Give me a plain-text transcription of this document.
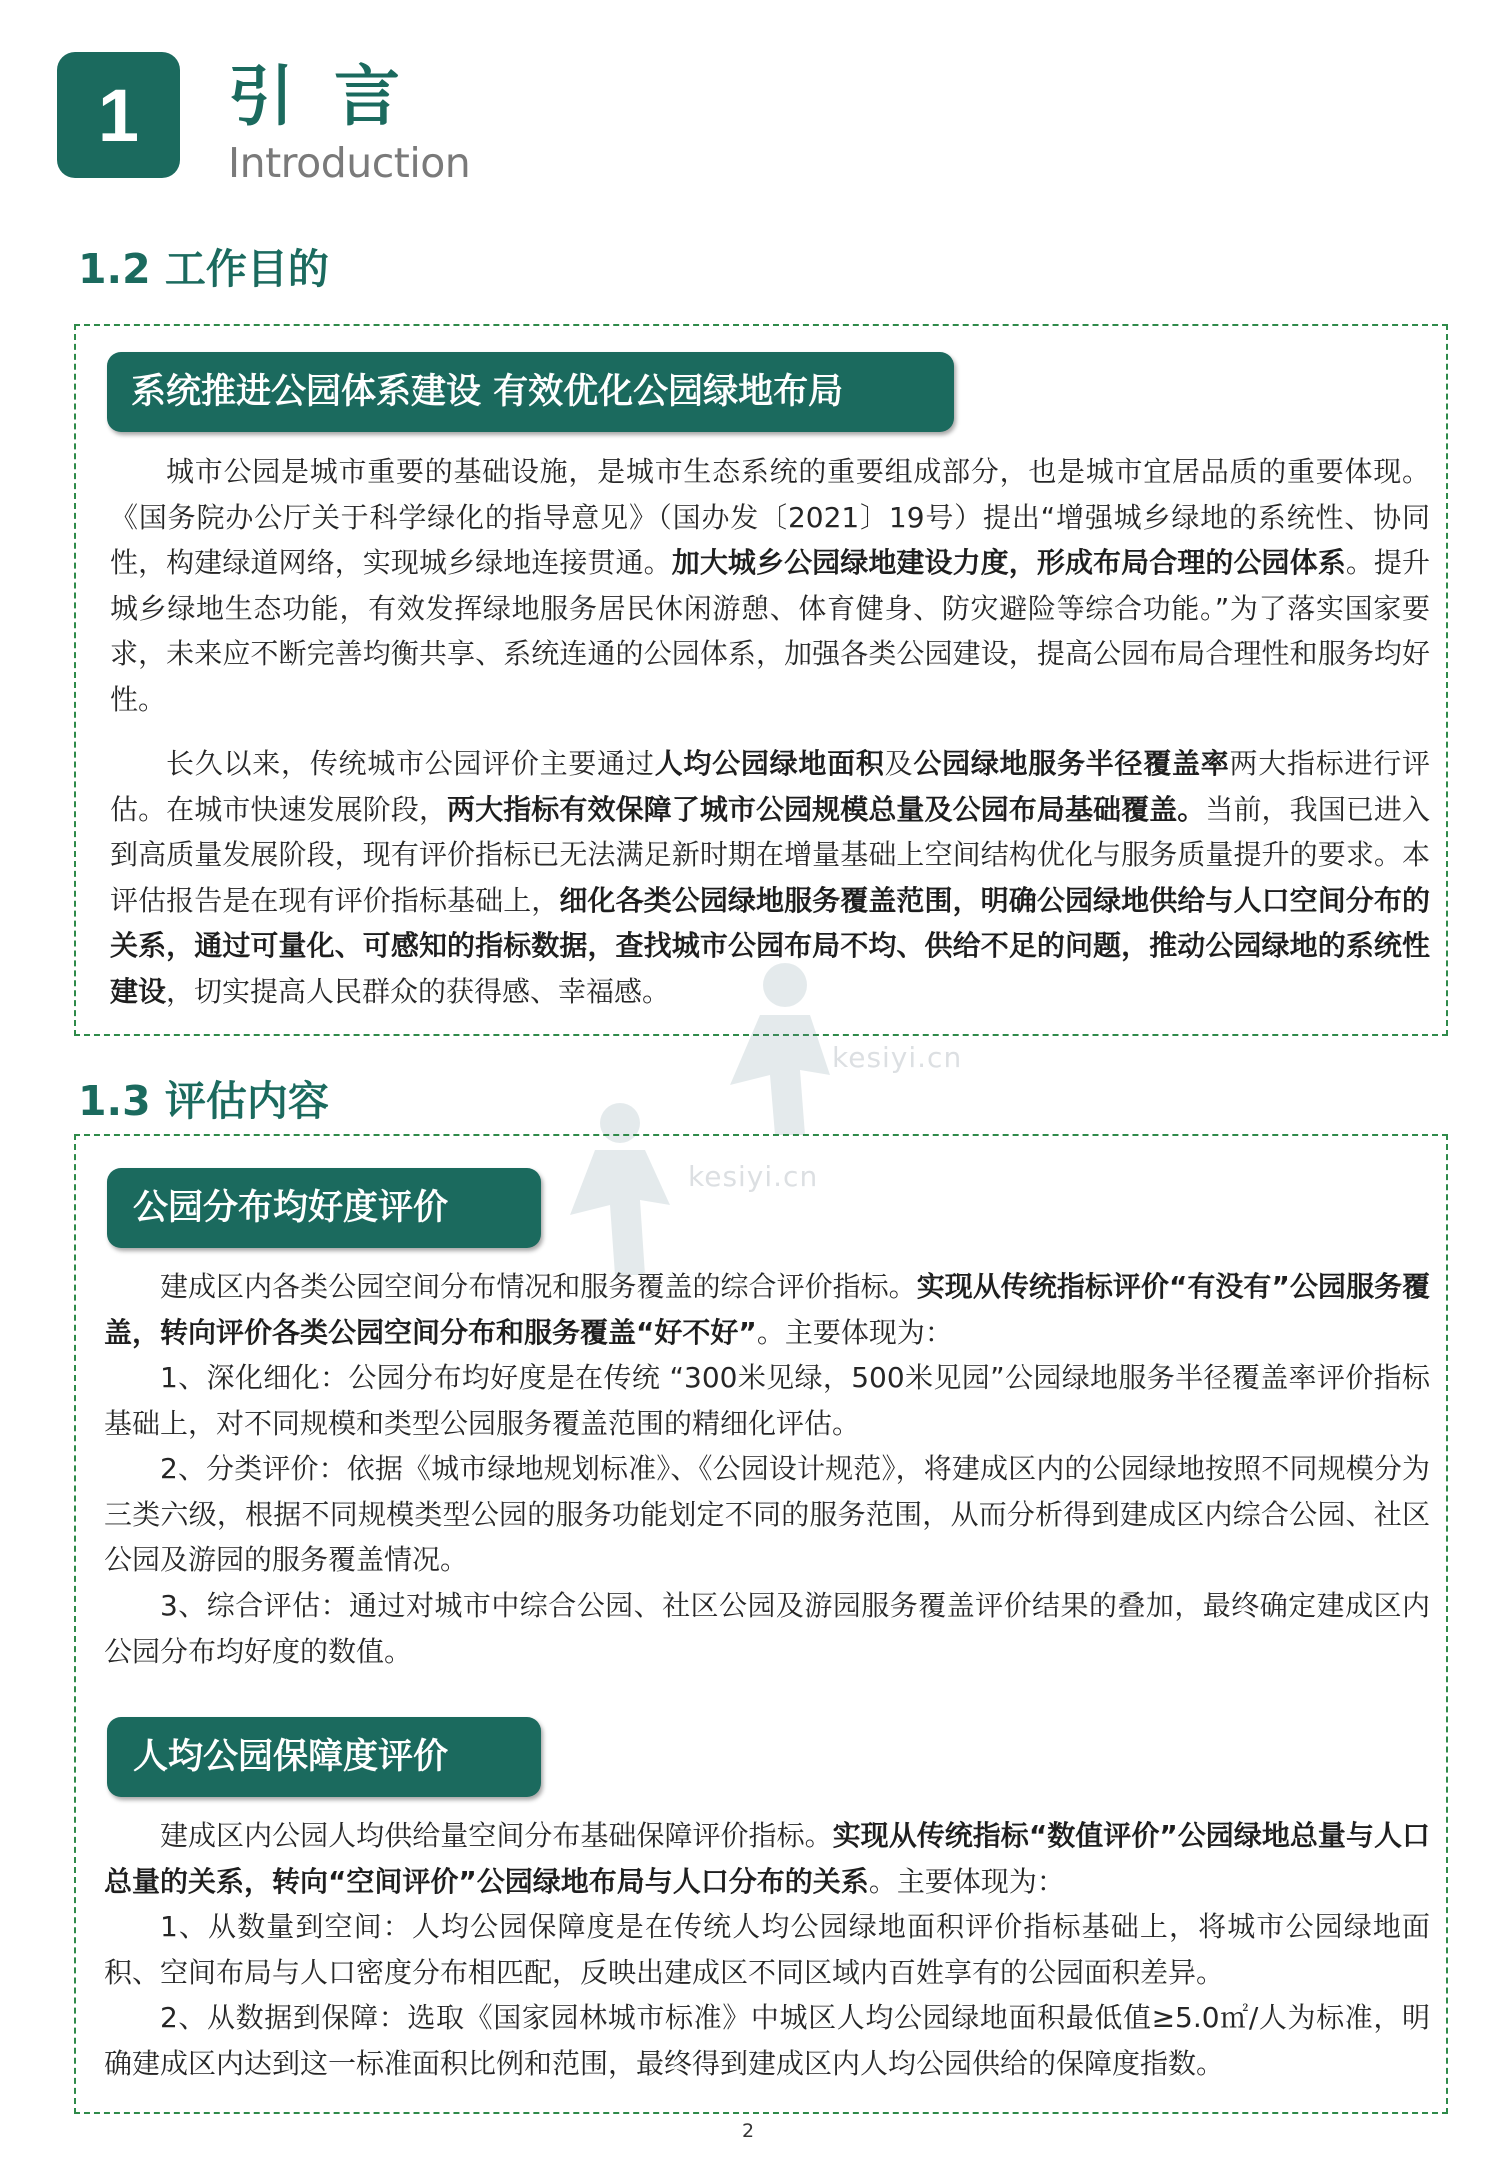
1	引言
Introduction
1.2 工作目的
系统推进公园体系建设 有效优化公园绿地布局

城市公园是城市重要的基础设施，是城市生态系统的重要组成部分，也是城市宜居品质的重要体现。《国务院办公厅关于科学绿化的指导意见》（国办发〔2021〕19号）提出“增强城乡绿地的系统性、协同性，构建绿道网络，实现城乡绿地连接贯通。加大城乡公园绿地建设力度，形成布局合理的公园体系。提升城乡绿地生态功能，有效发挥绿地服务居民休闲游憩、体育健身、防灾避险等综合功能。”为了落实国家要求，未来应不断完善均衡共享、系统连通的公园体系，加强各类公园建设，提高公园布局合理性和服务均好性。

长久以来，传统城市公园评价主要通过人均公园绿地面积及公园绿地服务半径覆盖率两大指标进行评估。在城市快速发展阶段，两大指标有效保障了城市公园规模总量及公园布局基础覆盖。当前，我国已进入到高质量发展阶段，现有评价指标已无法满足新时期在增量基础上空间结构优化与服务质量提升的要求。本评估报告是在现有评价指标基础上，细化各类公园绿地服务覆盖范围，明确公园绿地供给与人口空间分布的关系，通过可量化、可感知的指标数据，查找城市公园布局不均、供给不足的问题，推动公园绿地的系统性建设，切实提高人民群众的获得感、幸福感。

kesiyi.cn
kesiyi.cn
1.3 评估内容
公园分布均好度评价

建成区内各类公园空间分布情况和服务覆盖的综合评价指标。实现从传统指标评价“有没有”公园服务覆盖，转向评价各类公园空间分布和服务覆盖“好不好”。主要体现为：

1、深化细化：公园分布均好度是在传统 “300米见绿，500米见园”公园绿地服务半径覆盖率评价指标基础上，对不同规模和类型公园服务覆盖范围的精细化评估。

2、分类评价：依据《城市绿地规划标准》、《公园设计规范》，将建成区内的公园绿地按照不同规模分为三类六级，根据不同规模类型公园的服务功能划定不同的服务范围，从而分析得到建成区内综合公园、社区公园及游园的服务覆盖情况。

3、综合评估：通过对城市中综合公园、社区公园及游园服务覆盖评价结果的叠加，最终确定建成区内公园分布均好度的数值。

人均公园保障度评价

建成区内公园人均供给量空间分布基础保障评价指标。实现从传统指标“数值评价”公园绿地总量与人口总量的关系，转向“空间评价”公园绿地布局与人口分布的关系。主要体现为：

1、从数量到空间：人均公园保障度是在传统人均公园绿地面积评价指标基础上，将城市公园绿地面积、空间布局与人口密度分布相匹配，反映出建成区不同区域内百姓享有的公园面积差异。

2、从数据到保障：选取《国家园林城市标准》中城区人均公园绿地面积最低值≥5.0㎡/人为标准，明确建成区内达到这一标准面积比例和范围，最终得到建成区内人均公园供给的保障度指数。

2
